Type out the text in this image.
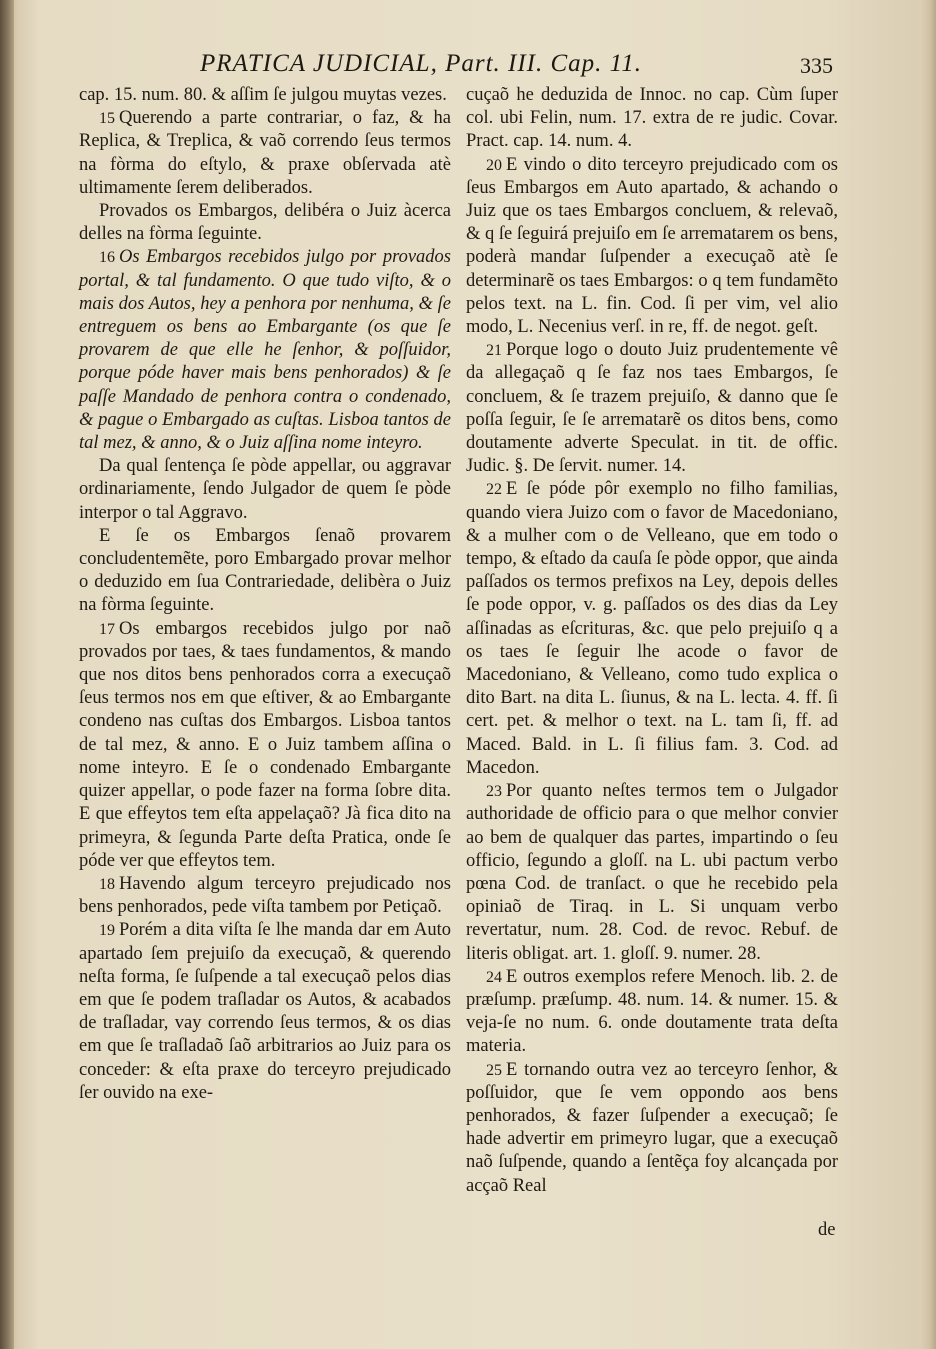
PRATICA JUDICIAL, Part. III. Cap. 11.	335

cap. 15. num. 80. & aſſim ſe julgou muytas vezes.

15 Querendo a parte contrariar, o faz, & ha Replica, & Treplica, & vaõ correndo ſeus termos na fòrma do eſtylo, & praxe obſervada atè ultimamente ſerem deliberados.

Provados os Embargos, delibéra o Juiz àcerca delles na fòrma ſeguinte.

16 Os Embargos recebidos julgo por provados portal, & tal fundamento. O que tudo viſto, & o mais dos Autos, hey a penhora por nenhuma, & ſe entreguem os bens ao Embargante (os que ſe provarem de que elle he ſenhor, & poſſuidor, porque póde haver mais bens penhorados) & ſe paſſe Mandado de penhora contra o condenado, & pague o Embargado as cuſtas. Lisboa tantos de tal mez, & anno, & o Juiz aſſina nome inteyro.

Da qual ſentença ſe pòde appellar, ou aggravar ordinariamente, ſendo Julgador de quem ſe pòde interpor o tal Aggravo.

E ſe os Embargos ſenaõ provarem concludentemẽte, poro Embargado provar melhor o deduzido em ſua Contrariedade, delibèra o Juiz na fòrma ſeguinte.

17 Os embargos recebidos julgo por naõ provados por taes, & taes fundamentos, & mando que nos ditos bens penhorados corra a execuçaõ ſeus termos nos em que eſtiver, & ao Embargante condeno nas cuſtas dos Embargos. Lisboa tantos de tal mez, & anno. E o Juiz tambem aſſina o nome inteyro. E ſe o condenado Embargante quizer appellar, o pode fazer na forma ſobre dita. E que effeytos tem eſta appelaçaõ? Jà fica dito na primeyra, & ſegunda Parte deſta Pratica, onde ſe póde ver que effeytos tem.

18 Havendo algum terceyro prejudicado nos bens penhorados, pede viſta tambem por Petiçaõ.

19 Porém a dita viſta ſe lhe manda dar em Auto apartado ſem prejuiſo da execuçaõ, & querendo neſta forma, ſe ſuſpende a tal execuçaõ pelos dias em que ſe podem traſladar os Autos, & acabados de traſladar, vay correndo ſeus termos, & os dias em que ſe traſladaõ ſaõ arbitrarios ao Juiz para os conceder: & eſta praxe do terceyro prejudicado ſer ouvido na exe-

cuçaõ he deduzida de Innoc. no cap. Cùm ſuper col. ubi Felin, num. 17. extra de re judic. Covar. Pract. cap. 14. num. 4.

20 E vindo o dito terceyro prejudicado com os ſeus Embargos em Auto apartado, & achando o Juiz que os taes Embargos concluem, & relevaõ, & q ſe ſeguirá prejuiſo em ſe arrematarem os bens, poderà mandar ſuſpender a execuçaõ atè ſe determinarẽ os taes Embargos: o q tem fundamẽto pelos text. na L. fin. Cod. ſi per vim, vel alio modo, L. Necenius verſ. in re, ff. de negot. geſt.

21 Porque logo o douto Juiz prudentemente vê da allegaçaõ q ſe faz nos taes Embargos, ſe concluem, & ſe trazem prejuiſo, & danno que ſe poſſa ſeguir, ſe ſe arrematarẽ os ditos bens, como doutamente adverte Speculat. in tit. de offic. Judic. §. De ſervit. numer. 14.

22 E ſe póde pôr exemplo no filho familias, quando viera Juizo com o favor de Macedoniano, & a mulher com o de Velleano, que em todo o tempo, & eſtado da cauſa ſe pòde oppor, que ainda paſſados os termos prefixos na Ley, depois delles ſe pode oppor, v. g. paſſados os des dias da Ley aſſinadas as eſcrituras, &c. que pelo prejuiſo q a os taes ſe ſeguir lhe acode o favor de Macedoniano, & Velleano, como tudo explica o dito Bart. na dita L. ſiunus, & na L. lecta. 4. ff. ſi cert. pet. & melhor o text. na L. tam ſi, ff. ad Maced. Bald. in L. ſi filius fam. 3. Cod. ad Macedon.

23 Por quanto neſtes termos tem o Julgador authoridade de officio para o que melhor convier ao bem de qualquer das partes, impartindo o ſeu officio, ſegundo a gloſſ. na L. ubi pactum verbo pœna Cod. de tranſact. o que he recebido pela opiniaõ de Tiraq. in L. Si unquam verbo revertatur, num. 28. Cod. de revoc. Rebuf. de literis obligat. art. 1. gloſſ. 9. numer. 28.

24 E outros exemplos refere Menoch. lib. 2. de præſump. præſump. 48. num. 14. & numer. 15. & veja-ſe no num. 6. onde doutamente trata deſta materia.

25 E tornando outra vez ao terceyro ſenhor, & poſſuidor, que ſe vem oppondo aos bens penhorados, & fazer ſuſpender a execuçaõ; ſe hade advertir em primeyro lugar, que a execuçaõ naõ ſuſpende, quando a ſentẽça foy alcançada por acçaõ Real

de
